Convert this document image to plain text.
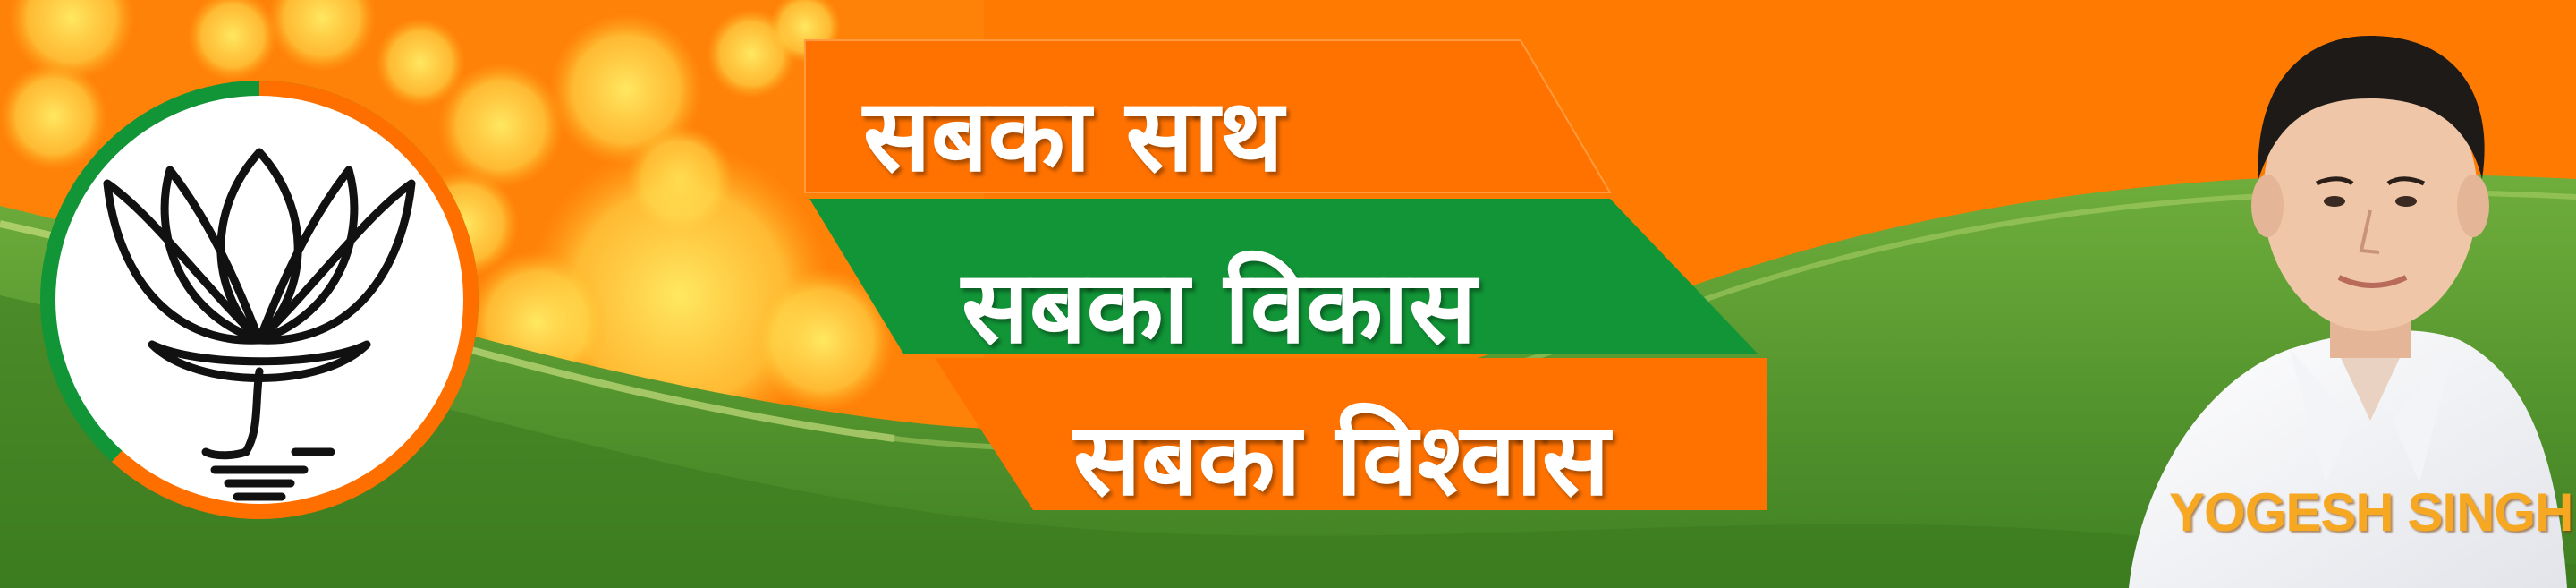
सबका साथ
सबका विकास
सबका विश्वास	YOGESH SINGH
